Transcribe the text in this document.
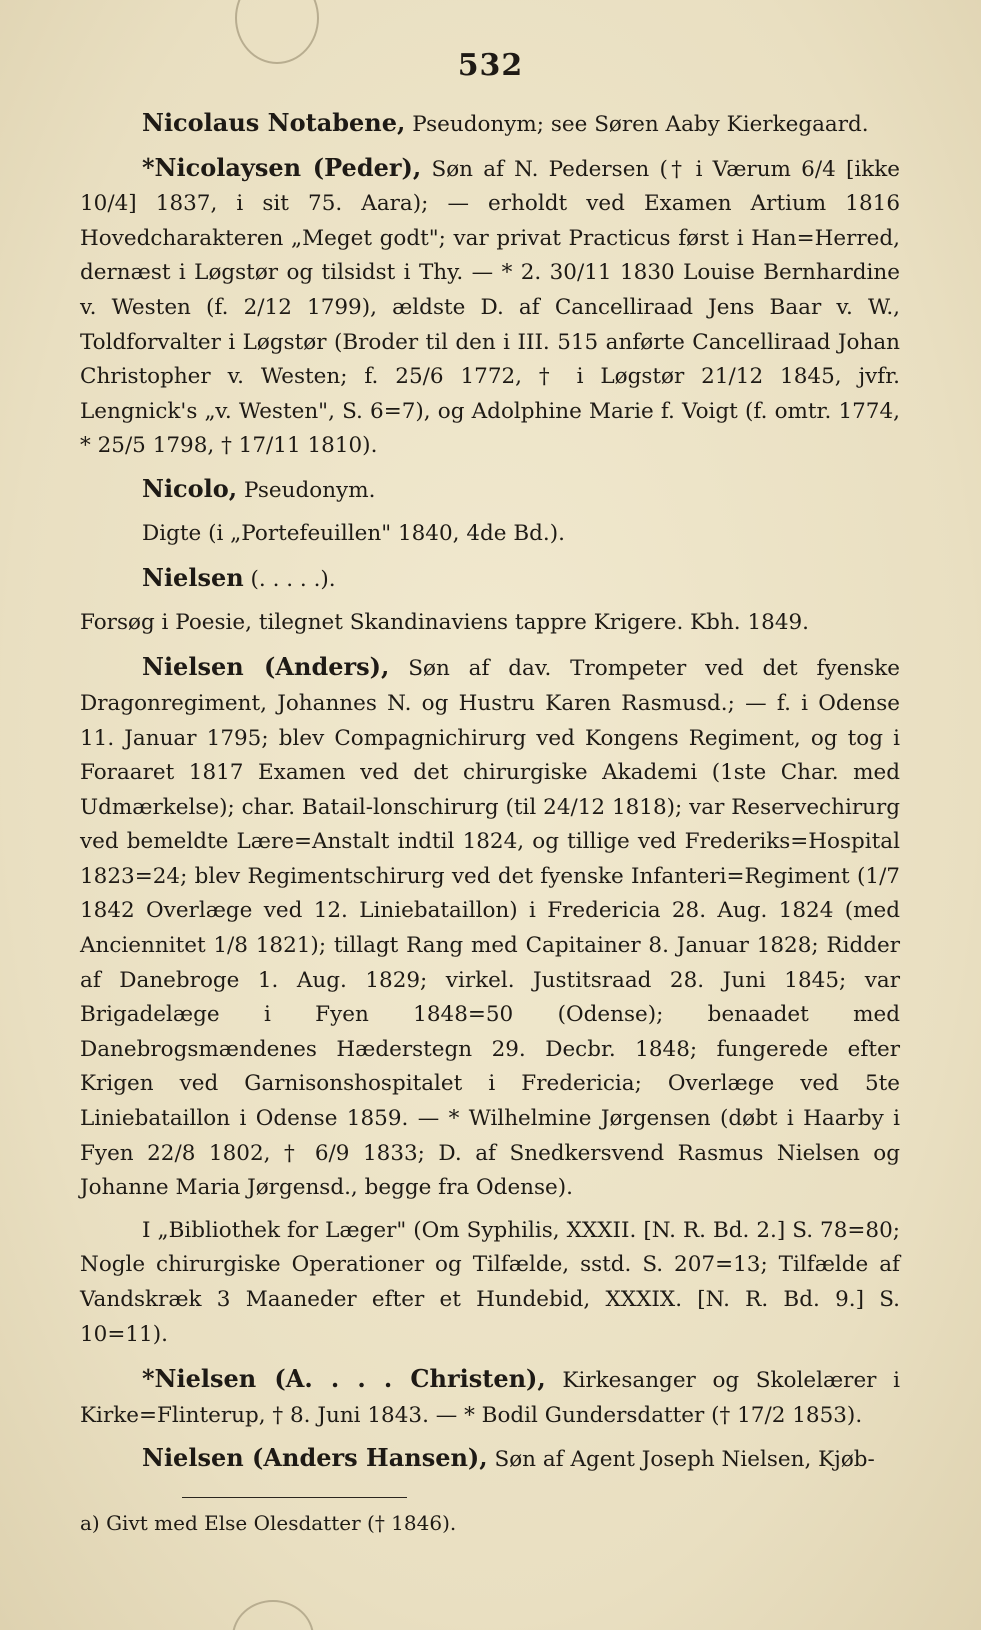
532

Nicolaus Notabene, Pseudonym; see Søren Aaby Kierkegaard.

*Nicolaysen (Peder), Søn af N. Pedersen († i Værum 6/4 [ikke 10/4] 1837, i sit 75. Aara); — erholdt ved Examen Artium 1816 Hovedcharakteren „Meget godt"; var privat Practicus først i Han=Herred, dernæst i Løgstør og tilsidst i Thy. — * 2. 30/11 1830 Louise Bernhardine v. Westen (f. 2/12 1799), ældste D. af Cancelliraad Jens Baar v. W., Toldforvalter i Løgstør (Broder til den i III. 515 anførte Cancelliraad Johan Christopher v. Westen; f. 25/6 1772, † i Løgstør 21/12 1845, jvfr. Lengnick's „v. Westen", S. 6=7), og Adolphine Marie f. Voigt (f. omtr. 1774, * 25/5 1798, † 17/11 1810).

Nicolo, Pseudonym.

Digte (i „Portefeuillen" 1840, 4de Bd.).

Nielsen (. . . . .).

Forsøg i Poesie, tilegnet Skandinaviens tappre Krigere. Kbh. 1849.

Nielsen (Anders), Søn af dav. Trompeter ved det fyenske Dragonregiment, Johannes N. og Hustru Karen Rasmusd.; — f. i Odense 11. Januar 1795; blev Compagnichirurg ved Kongens Regiment, og tog i Foraaret 1817 Examen ved det chirurgiske Akademi (1ste Char. med Udmærkelse); char. Batail-lonschirurg (til 24/12 1818); var Reservechirurg ved bemeldte Lære=Anstalt indtil 1824, og tillige ved Frederiks=Hospital 1823=24; blev Regimentschirurg ved det fyenske Infanteri=Regiment (1/7 1842 Overlæge ved 12. Liniebataillon) i Fredericia 28. Aug. 1824 (med Anciennitet 1/8 1821); tillagt Rang med Capitainer 8. Januar 1828; Ridder af Danebroge 1. Aug. 1829; virkel. Justitsraad 28. Juni 1845; var Brigadelæge i Fyen 1848=50 (Odense); benaadet med Danebrogsmændenes Hæderstegn 29. Decbr. 1848; fungerede efter Krigen ved Garnisonshospitalet i Fredericia; Overlæge ved 5te Liniebataillon i Odense 1859. — * Wilhelmine Jørgensen (døbt i Haarby i Fyen 22/8 1802, † 6/9 1833; D. af Snedkersvend Rasmus Nielsen og Johanne Maria Jørgensd., begge fra Odense).

I „Bibliothek for Læger" (Om Syphilis, XXXII. [N. R. Bd. 2.] S. 78=80; Nogle chirurgiske Operationer og Tilfælde, sstd. S. 207=13; Tilfælde af Vandskræk 3 Maaneder efter et Hundebid, XXXIX. [N. R. Bd. 9.] S. 10=11).

*Nielsen (A. . . . Christen), Kirkesanger og Skolelærer i Kirke=Flinterup, † 8. Juni 1843. — * Bodil Gundersdatter († 17/2 1853).

Nielsen (Anders Hansen), Søn af Agent Joseph Nielsen, Kjøb-

a) Givt med Else Olesdatter († 1846).
